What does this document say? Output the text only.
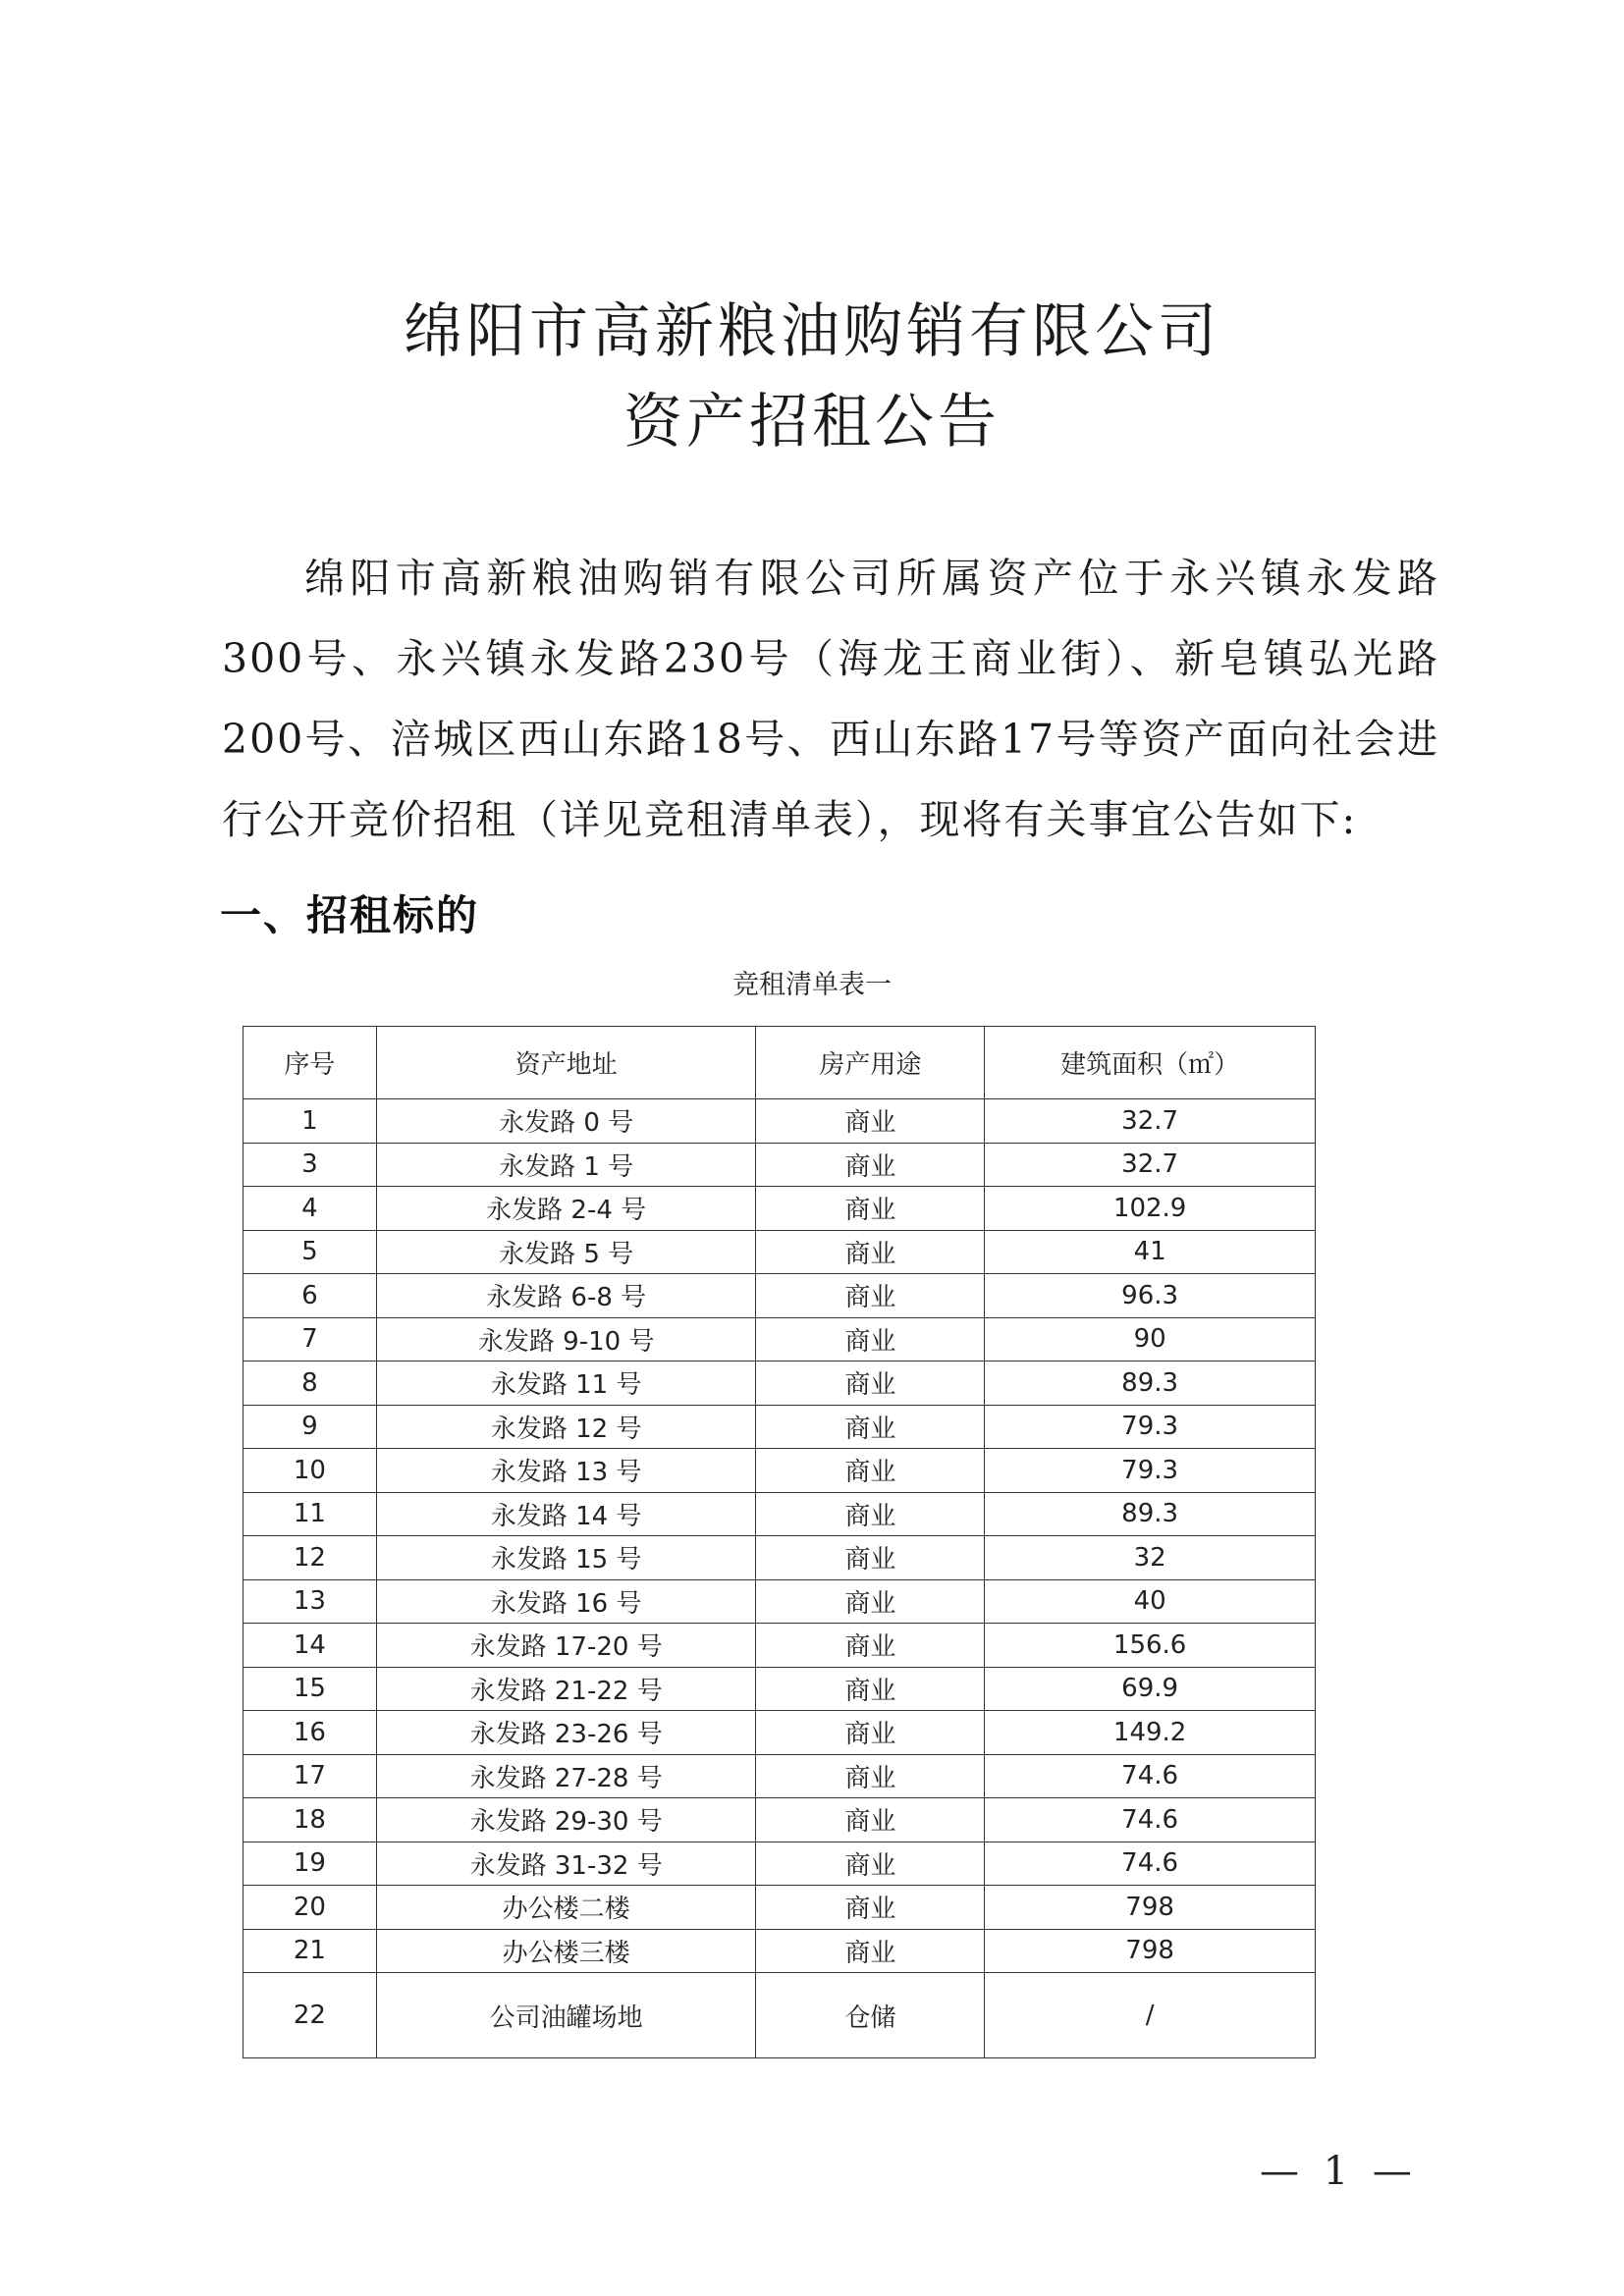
绵阳市高新粮油购销有限公司
资产招租公告

绵阳市高新粮油购销有限公司所属资产位于永兴镇永发路300号、永兴镇永发路230号（海龙王商业街）、新皂镇弘光路200号、涪城区西山东路18号、西山东路17号等资产面向社会进行公开竞价招租（详见竞租清单表），现将有关事宜公告如下:

一、招租标的
竞租清单表一
序号	资产地址	房产用途	建筑面积（㎡）
1	永发路 0 号	商业	32.7
3	永发路 1 号	商业	32.7
4	永发路 2-4 号	商业	102.9
5	永发路 5 号	商业	41
6	永发路 6-8 号	商业	96.3
7	永发路 9-10 号	商业	90
8	永发路 11 号	商业	89.3
9	永发路 12 号	商业	79.3
10	永发路 13 号	商业	79.3
11	永发路 14 号	商业	89.3
12	永发路 15 号	商业	32
13	永发路 16 号	商业	40
14	永发路 17-20 号	商业	156.6
15	永发路 21-22 号	商业	69.9
16	永发路 23-26 号	商业	149.2
17	永发路 27-28 号	商业	74.6
18	永发路 29-30 号	商业	74.6
19	永发路 31-32 号	商业	74.6
20	办公楼二楼	商业	798
21	办公楼三楼	商业	798
22	公司油罐场地	仓储	/
— 1 —
